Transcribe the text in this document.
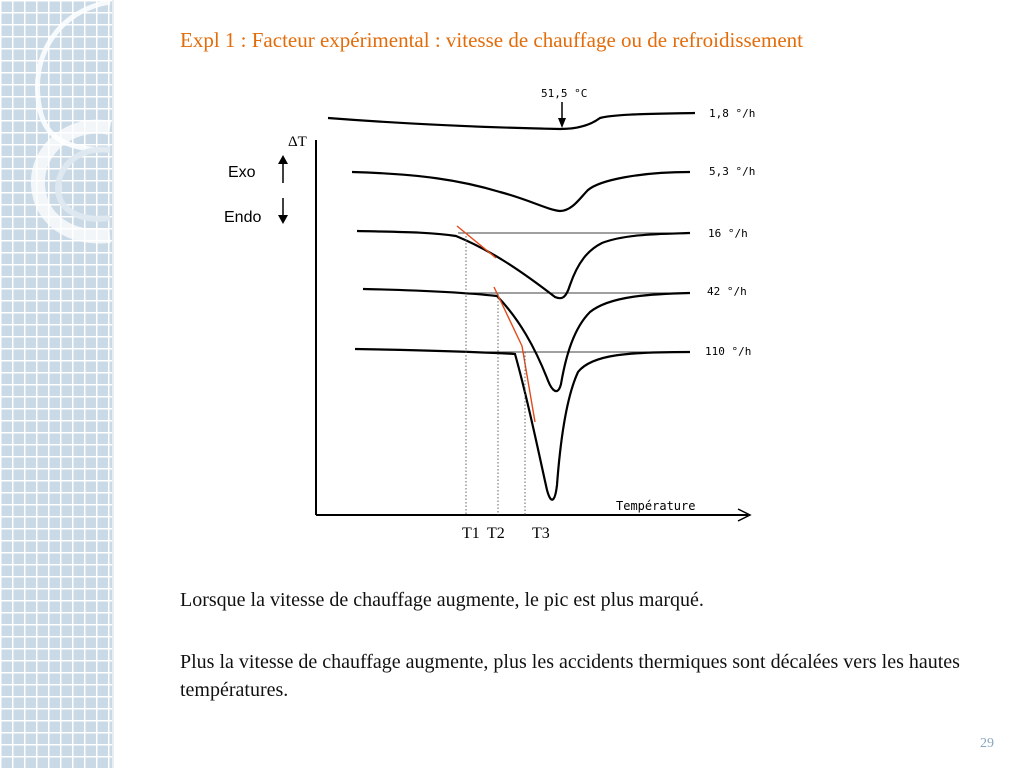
Expl 1 : Facteur expérimental : vitesse de chauffage ou de refroidissement
ΔT
Température
Exo
Endo
51,5 °C
T1 T2 T3
1,8 °/h
5,3 °/h
16 °/h
42 °/h
110 °/h
Lorsque la vitesse de chauffage augmente, le pic est plus marqué.
Plus la vitesse de chauffage augmente, plus les accidents thermiques sont décalées vers les hautes températures.
29
